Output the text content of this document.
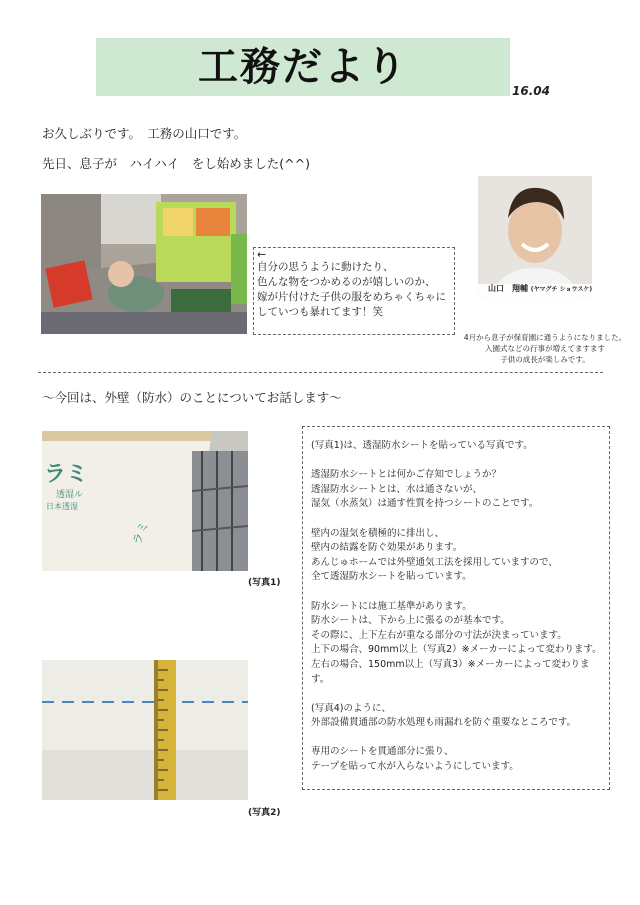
工務だより
16.04
お久しぶりです。　工務の山口です。
先日、息子が　ハイハイ　をし始めました(^^)
←
自分の思うように動けたり、
色んな物をつかめるのが嬉しいのか、
嫁が片付けた子供の服をめちゃくちゃに
していつも暴れてます！笑
山口　翔輔 (ヤマグチ ショウスケ)
4月から息子が保育園に通うようになりました。
入園式などの行事が増えてますます
子供の成長が楽しみです。
～今回は、外壁（防水）のことについてお話します～
ラミ
透湿ル
日本透湿
ラミ
(写真1)
(写真2)
(写真1)は、透湿防水シートを貼っている写真です。

透湿防水シートとは何かご存知でしょうか？
透湿防水シートとは、水は通さないが、
湿気（水蒸気）は通す性質を持つシートのことです。

壁内の湿気を積極的に排出し、
壁内の結露を防ぐ効果があります。
あんじゅホームでは外壁通気工法を採用していますので、
全て透湿防水シートを貼っています。

防水シートには施工基準があります。
防水シートは、下から上に張るのが基本です。
その際に、上下左右が重なる部分の寸法が決まっています。
上下の場合、90mm以上（写真2）※メーカーによって変わります。
左右の場合、150mm以上（写真3）※メーカーによって変わります。

(写真4)のように、
外部設備貫通部の防水処理も雨漏れを防ぐ重要なところです。

専用のシートを貫通部分に張り、
テープを貼って水が入らないようにしています。
